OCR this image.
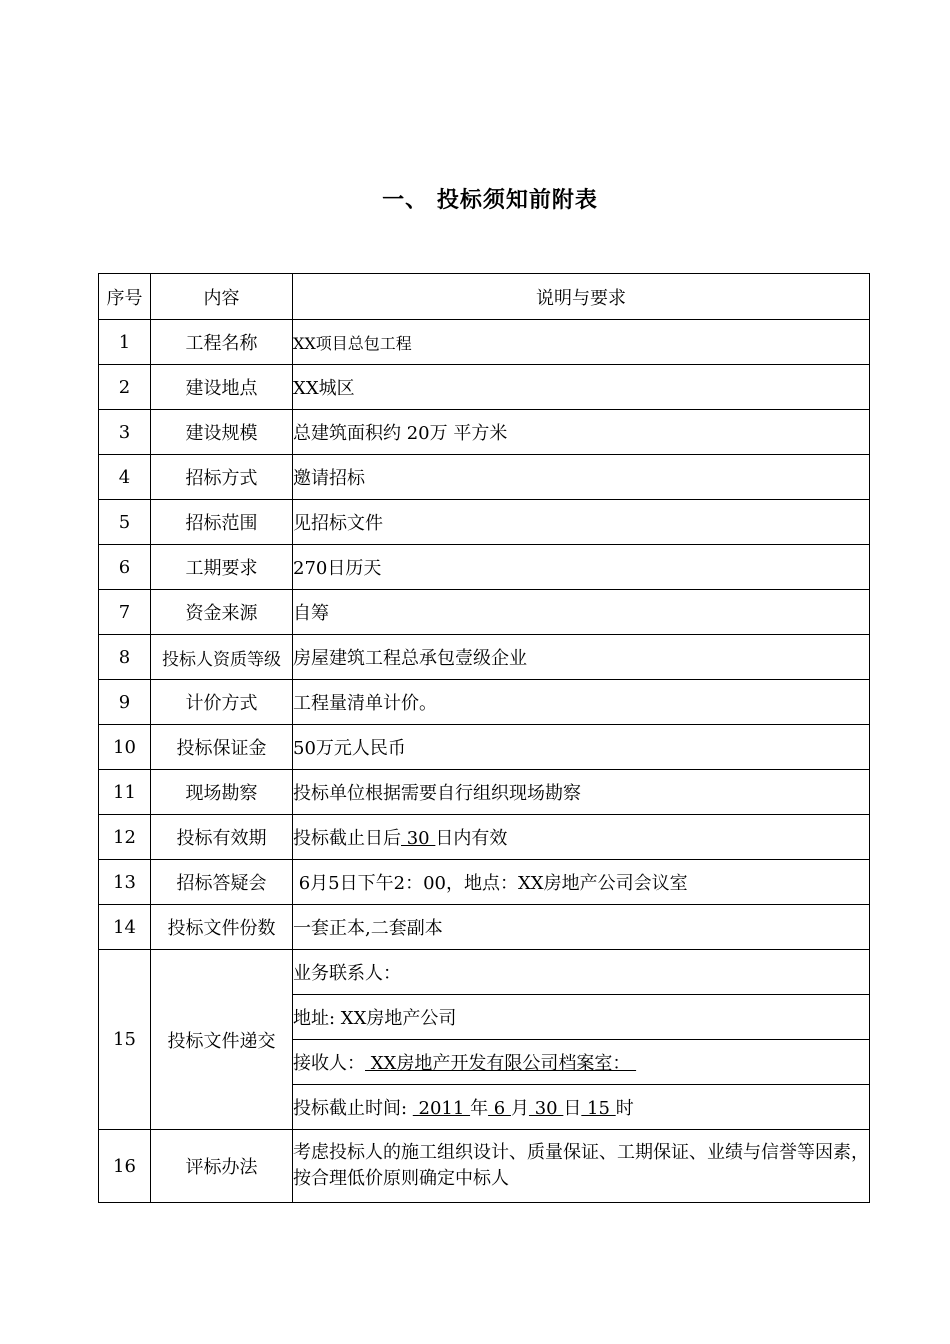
一、 投标须知前附表
序号	内容	说明与要求
1	工程名称	XX项目总包工程
2	建设地点	XX城区
3	建设规模	总建筑面积约 20万 平方米
4	招标方式	邀请招标
5	招标范围	见招标文件
6	工期要求	270日历天
7	资金来源	自筹
8	投标人资质等级	房屋建筑工程总承包壹级企业
9	计价方式	工程量清单计价。
10	投标保证金	50万元人民币
11	现场勘察	投标单位根据需要自行组织现场勘察
12	投标有效期	投标截止日后 30 日内有效
13	招标答疑会	6月5日下午2：00，地点：XX房地产公司会议室
14	投标文件份数	一套正本,二套副本
15	投标文件递交	业务联系人：
		地址: XX房地产公司
		接收人： XX房地产开发有限公司档案室：
		投标截止时间:  2011 年 6 月 30 日 15 时
16	评标办法	考虑投标人的施工组织设计、质量保证、工期保证、业绩与信誉等因素，按合理低价原则确定中标人
